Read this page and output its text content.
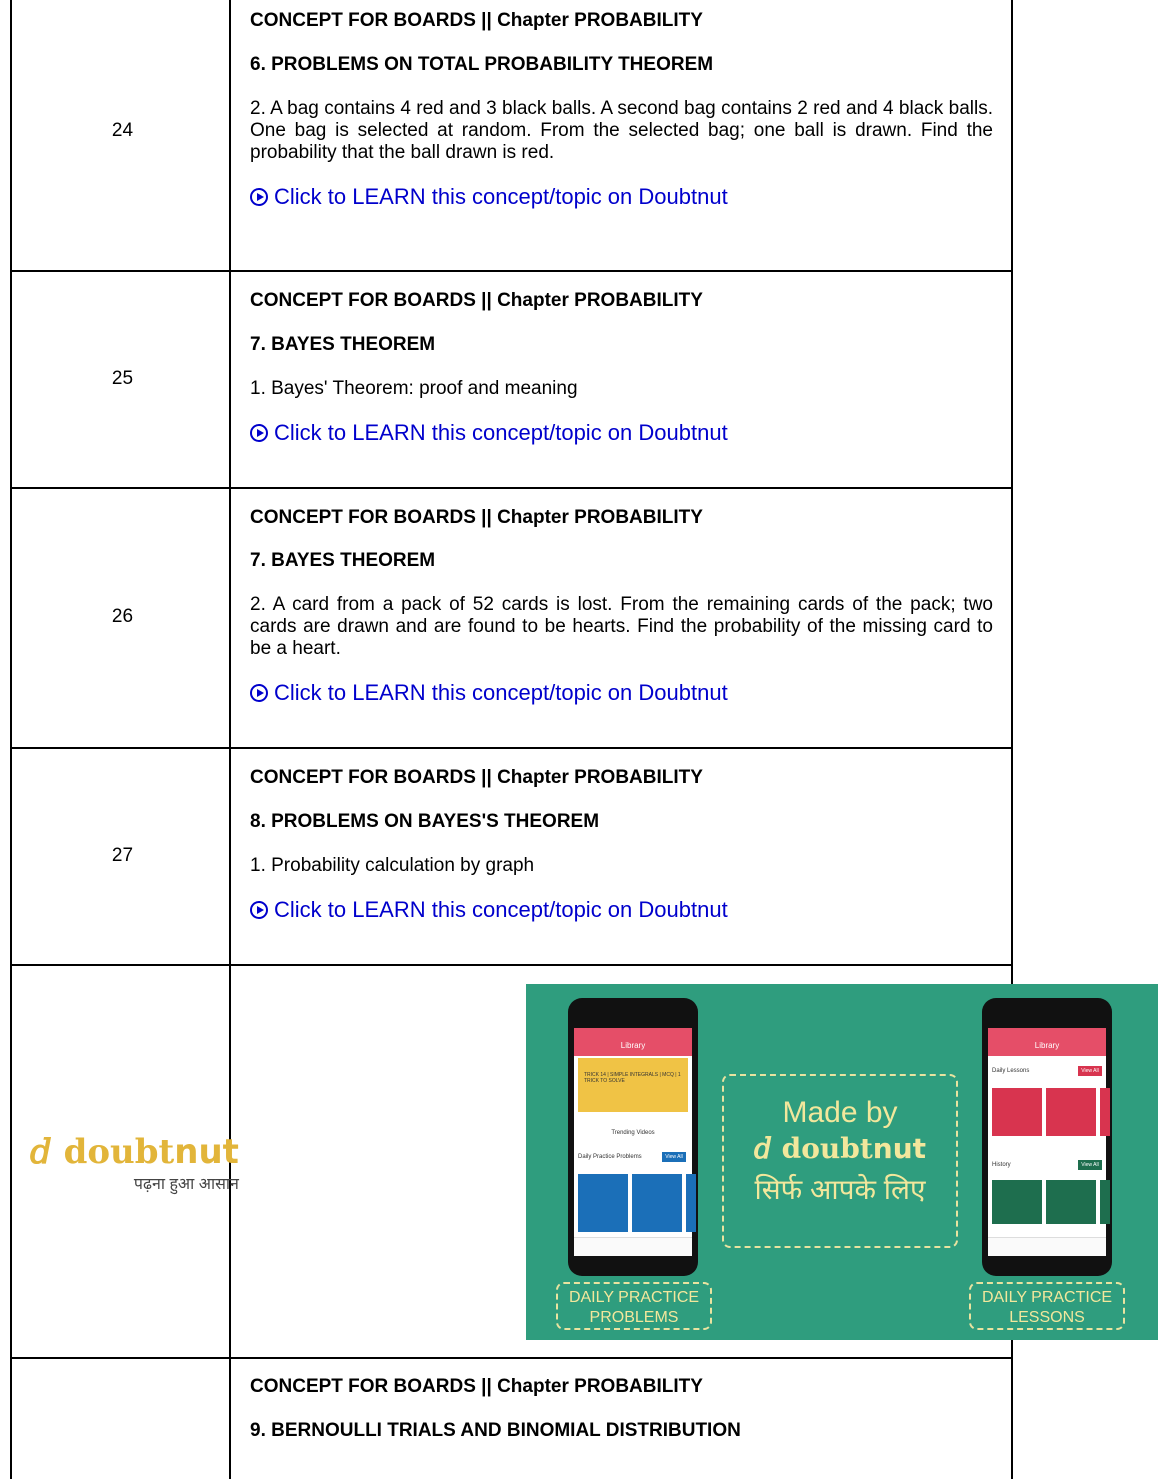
24
CONCEPT FOR BOARDS || Chapter PROBABILITY
6. PROBLEMS ON TOTAL PROBABILITY THEOREM
2. A bag contains 4 red and 3 black balls. A second bag contains 2 red and 4 black balls. One bag is selected at random. From the selected bag; one ball is drawn. Find the probability that the ball drawn is red.
Click to LEARN this concept/topic on Doubtnut
25
CONCEPT FOR BOARDS || Chapter PROBABILITY
7. BAYES THEOREM
1. Bayes' Theorem: proof and meaning
Click to LEARN this concept/topic on Doubtnut
26
CONCEPT FOR BOARDS || Chapter PROBABILITY
7. BAYES THEOREM
2. A card from a pack of 52 cards is lost. From the remaining cards of the pack; two cards are drawn and are found to be hearts. Find the probability of the missing card to be a heart.
Click to LEARN this concept/topic on Doubtnut
27
CONCEPT FOR BOARDS || Chapter PROBABILITY
8. PROBLEMS ON BAYES'S THEOREM
1. Probability calculation by graph
Click to LEARN this concept/topic on Doubtnut
𝑑 doubtnut
पढ़ना हुआ आसान
Library
TRICK 14 | SIMPLE INTEGRALS | MCQ | 1 TRICK TO SOLVE
Trending Videos
Daily Practice Problems	View All
Library
Daily Lessons	View All
History	View All
Made by
𝑑 doubtnut
सिर्फ आपके लिए
DAILY PRACTICE
PROBLEMS
DAILY PRACTICE
LESSONS
CONCEPT FOR BOARDS || Chapter PROBABILITY
9. BERNOULLI TRIALS AND BINOMIAL DISTRIBUTION
